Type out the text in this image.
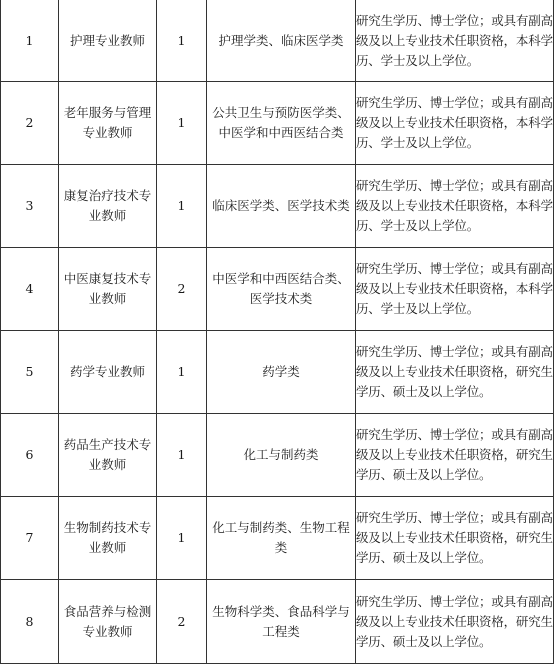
1	护理专业教师	1	护理学类、临床医学类	研究生学历、博士学位；或具有副高级及以上专业技术任职资格，本科学历、学士及以上学位。
2	老年服务与管理专业教师	1	公共卫生与预防医学类、中医学和中西医结合类	研究生学历、博士学位；或具有副高级及以上专业技术任职资格，本科学历、学士及以上学位。
3	康复治疗技术专业教师	1	临床医学类、医学技术类	研究生学历、博士学位；或具有副高级及以上专业技术任职资格，本科学历、学士及以上学位。
4	中医康复技术专业教师	2	中医学和中西医结合类、医学技术类	研究生学历、博士学位；或具有副高级及以上专业技术任职资格，本科学历、学士及以上学位。
5	药学专业教师	1	药学类	研究生学历、博士学位；或具有副高级及以上专业技术任职资格，研究生学历、硕士及以上学位。
6	药品生产技术专业教师	1	化工与制药类	研究生学历、博士学位；或具有副高级及以上专业技术任职资格，研究生学历、硕士及以上学位。
7	生物制药技术专业教师	1	化工与制药类、生物工程类	研究生学历、博士学位；或具有副高级及以上专业技术任职资格，研究生学历、硕士及以上学位。
8	食品营养与检测专业教师	2	生物科学类、食品科学与工程类	研究生学历、博士学位；或具有副高级及以上专业技术任职资格，研究生学历、硕士及以上学位。
